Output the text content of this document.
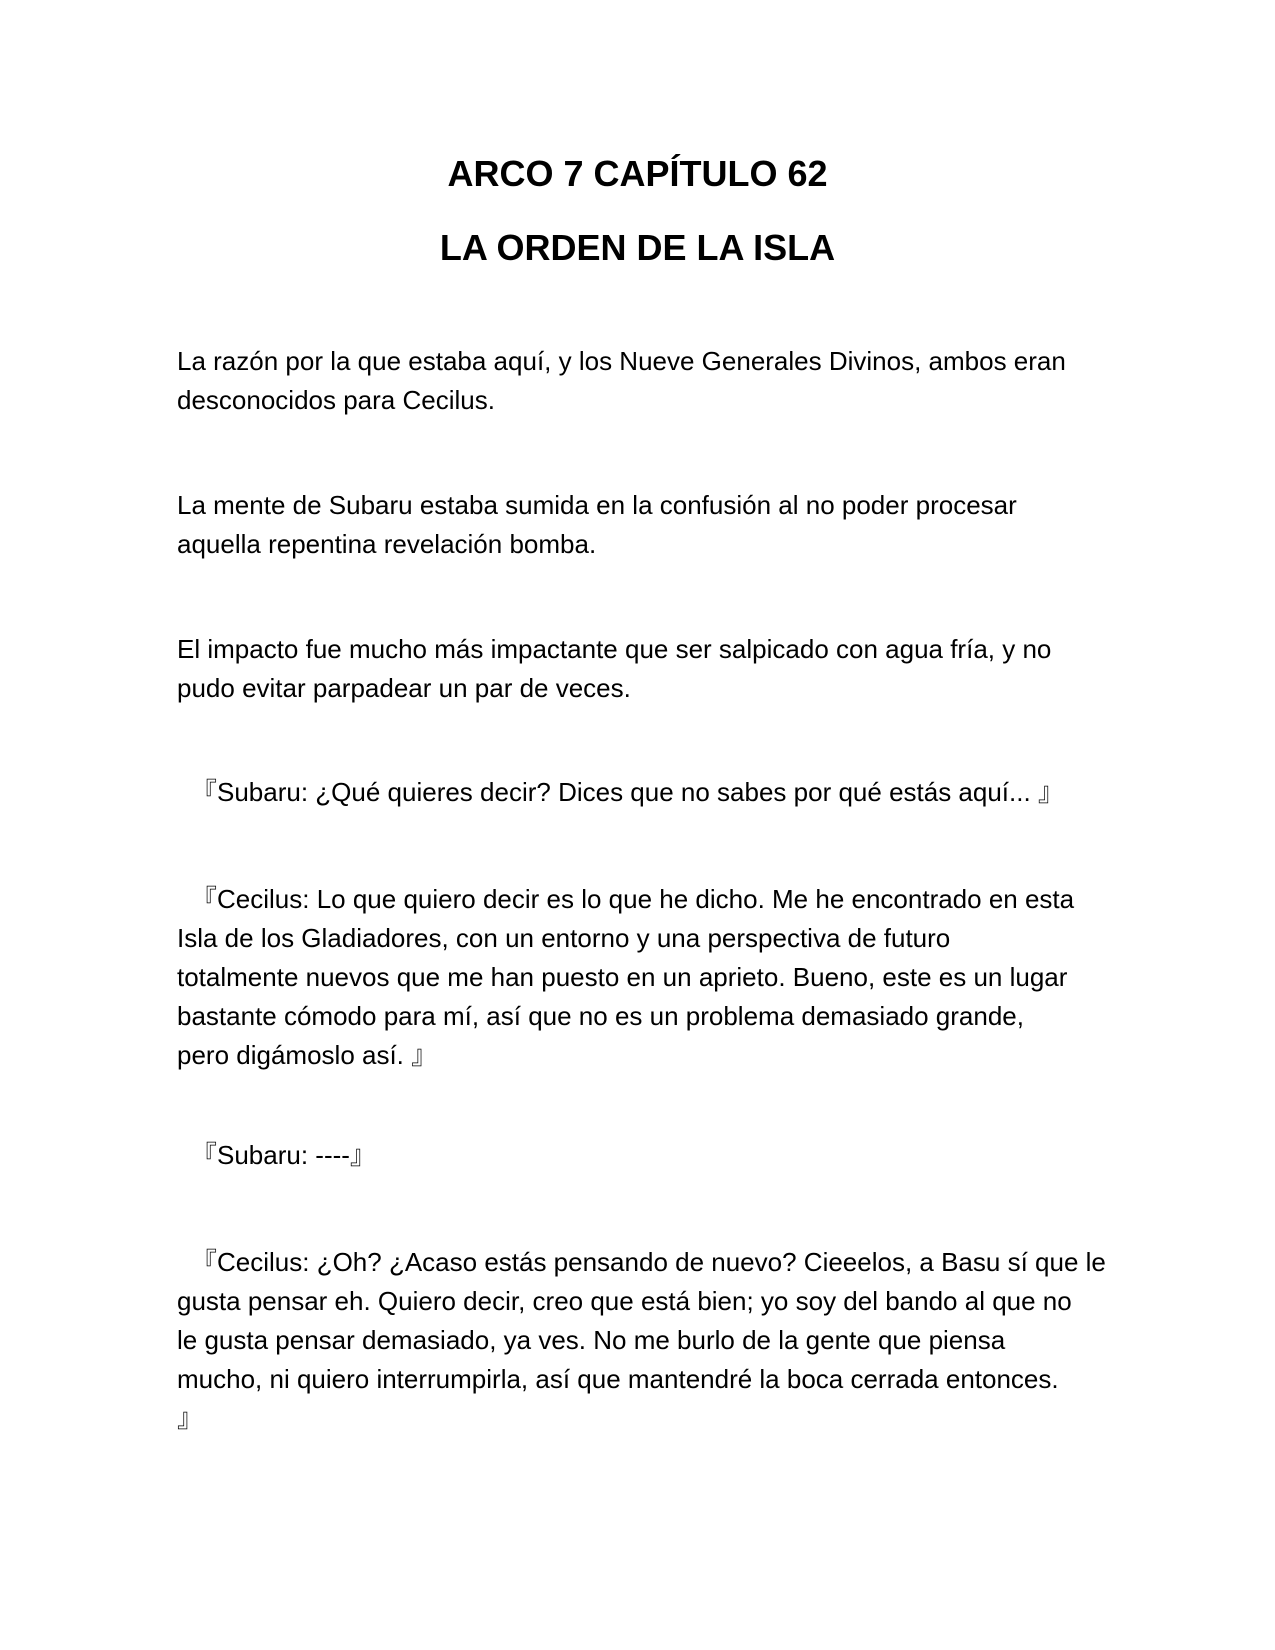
ARCO 7 CAPÍTULO 62
LA ORDEN DE LA ISLA

La razón por la que estaba aquí, y los Nueve Generales Divinos, ambos eran
desconocidos para Cecilus.

La mente de Subaru estaba sumida en la confusión al no poder procesar
aquella repentina revelación bomba.

El impacto fue mucho más impactante que ser salpicado con agua fría, y no
pudo evitar parpadear un par de veces.

『Subaru: ¿Qué quieres decir? Dices que no sabes por qué estás aquí... 』

『Cecilus: Lo que quiero decir es lo que he dicho. Me he encontrado en esta
Isla de los Gladiadores, con un entorno y una perspectiva de futuro
totalmente nuevos que me han puesto en un aprieto. Bueno, este es un lugar
bastante cómodo para mí, así que no es un problema demasiado grande,
pero digámoslo así. 』

『Subaru: ----』

『Cecilus: ¿Oh? ¿Acaso estás pensando de nuevo? Cieeelos, a Basu sí que le
gusta pensar eh. Quiero decir, creo que está bien; yo soy del bando al que no
le gusta pensar demasiado, ya ves. No me burlo de la gente que piensa
mucho, ni quiero interrumpirla, así que mantendré la boca cerrada entonces.
』
